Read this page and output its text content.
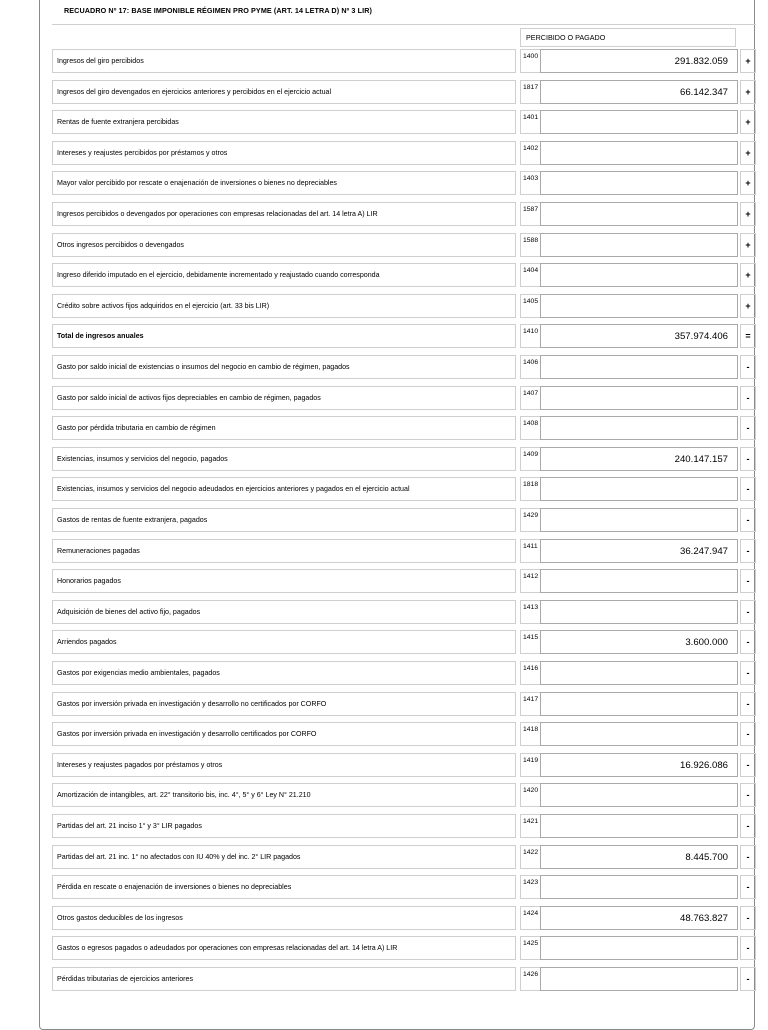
RECUADRO Nº 17: BASE IMPONIBLE RÉGIMEN PRO PYME (ART. 14 LETRA D) Nº 3 LIR)
PERCIBIDO O PAGADO
Ingresos del giro percibidos
1400	291.832.059	+
Ingresos del giro devengados en ejercicios anteriores y percibidos en el ejercicio actual
1817	66.142.347	+
Rentas de fuente extranjera percibidas
1401	+
Intereses y reajustes percibidos por préstamos y otros
1402	+
Mayor valor percibido por rescate o enajenación de inversiones o bienes no depreciables
1403	+
Ingresos percibidos o devengados por operaciones con empresas relacionadas del art. 14 letra A) LIR
1587	+
Otros ingresos percibidos o devengados
1588	+
Ingreso diferido imputado en el ejercicio, debidamente incrementado y reajustado cuando corresponda
1404	+
Crédito sobre activos fijos adquiridos en el ejercicio (art. 33 bis LIR)
1405	+
Total de ingresos anuales
1410	357.974.406	=
Gasto por saldo inicial de existencias o insumos del negocio en cambio de régimen, pagados
1406	-
Gasto por saldo inicial de activos fijos depreciables en cambio de régimen, pagados
1407	-
Gasto por pérdida tributaria en cambio de régimen
1408	-
Existencias, insumos y servicios del negocio, pagados
1409	240.147.157	-
Existencias, insumos y servicios del negocio adeudados en ejercicios anteriores y pagados en el ejercicio actual
1818	-
Gastos de rentas de fuente extranjera, pagados
1429	-
Remuneraciones pagadas
1411	36.247.947	-
Honorarios pagados
1412	-
Adquisición de bienes del activo fijo, pagados
1413	-
Arriendos pagados
1415	3.600.000	-
Gastos por exigencias medio ambientales, pagados
1416	-
Gastos por inversión privada en investigación y desarrollo no certificados por CORFO
1417	-
Gastos por inversión privada en investigación y desarrollo certificados por CORFO
1418	-
Intereses y reajustes pagados por préstamos y otros
1419	16.926.086	-
Amortización de intangibles, art. 22° transitorio bis, inc. 4°, 5° y 6° Ley N° 21.210
1420	-
Partidas del art. 21 inciso 1° y 3° LIR pagados
1421	-
Partidas del art. 21 inc. 1° no afectados con IU 40% y del inc. 2° LIR pagados
1422	8.445.700	-
Pérdida en rescate o enajenación de inversiones o bienes no depreciables
1423	-
Otros gastos deducibles de los ingresos
1424	48.763.827	-
Gastos o egresos pagados o adeudados por operaciones con empresas relacionadas del art. 14 letra A) LIR
1425	-
Pérdidas tributarias de ejercicios anteriores
1426	-
